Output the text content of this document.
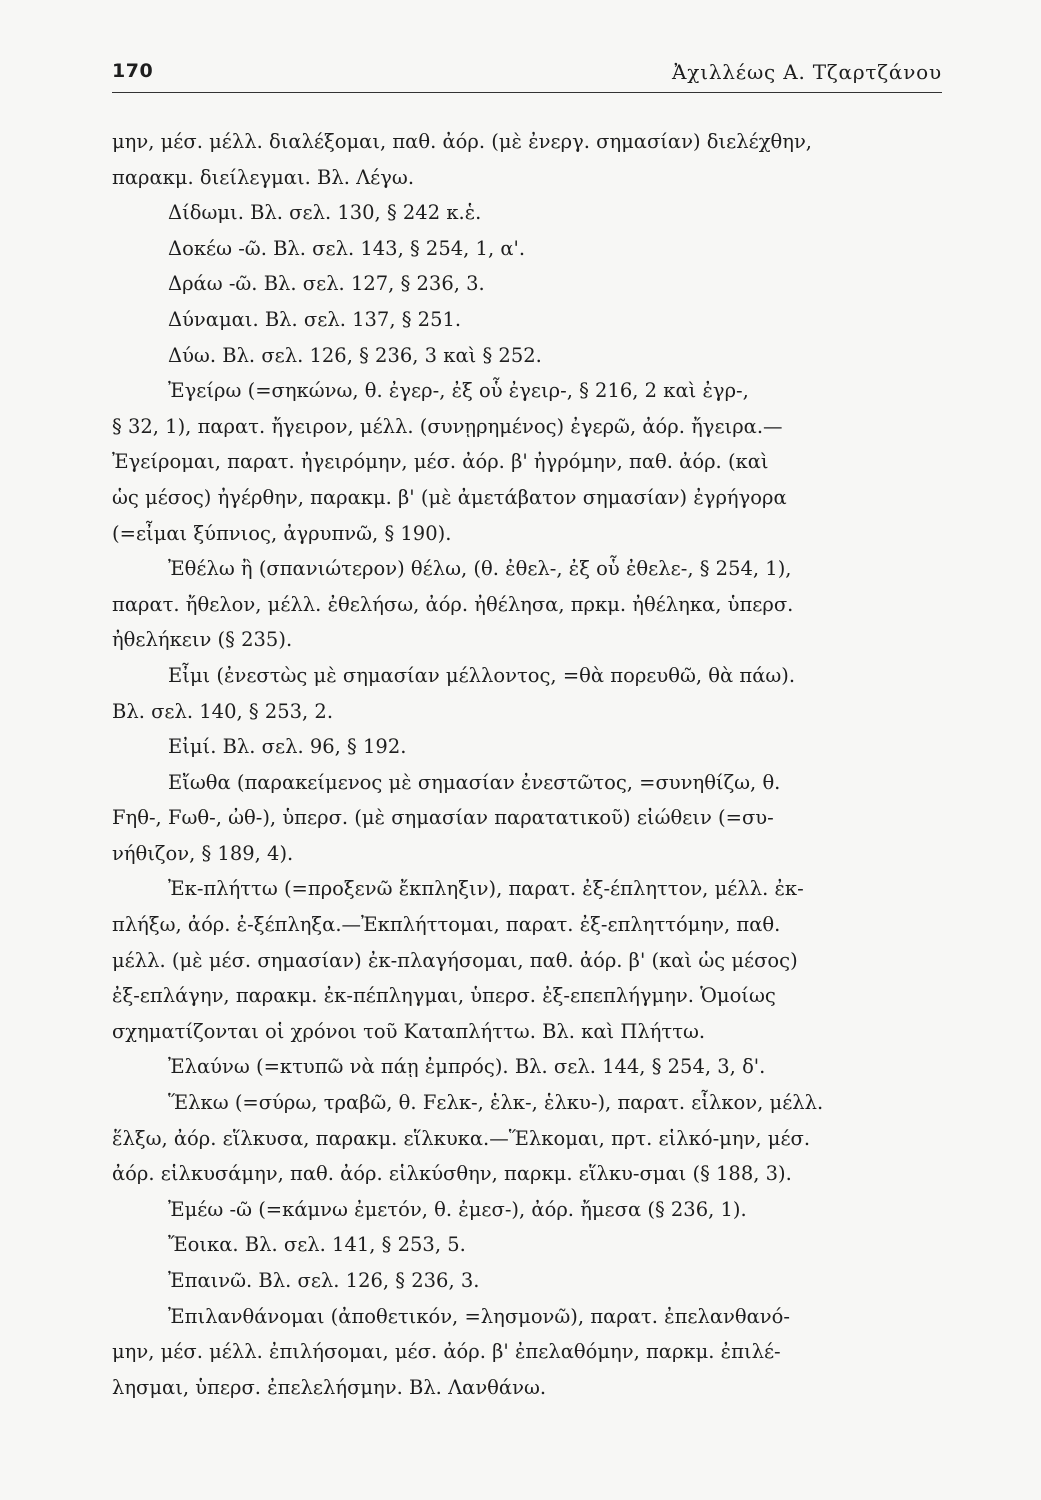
170	Ἀχιλλέως Α. Τζαρτζάνου
μην, μέσ. μέλλ. διαλέξομαι, παθ. ἀόρ. (μὲ ἐνεργ. σημασίαν) διελέχθην,
παρακμ. διείλεγμαι. Βλ. Λέγω.
Δίδωμι. Βλ. σελ. 130, § 242 κ.ἑ.
Δοκέω -ῶ. Βλ. σελ. 143, § 254, 1, α'.
Δράω -ῶ. Βλ. σελ. 127, § 236, 3.
Δύναμαι. Βλ. σελ. 137, § 251.
Δύω. Βλ. σελ. 126, § 236, 3 καὶ § 252.
Ἐγείρω (=σηκώνω, θ. ἐγερ-, ἐξ οὗ ἐγειρ-, § 216, 2 καὶ ἐγρ-,
§ 32, 1), παρατ. ἤγειρον, μέλλ. (συνῃρημένος) ἐγερῶ, ἀόρ. ἤγειρα.—
Ἐγείρομαι, παρατ. ἠγειρόμην, μέσ. ἀόρ. β' ἠγρόμην, παθ. ἀόρ. (καὶ
ὡς μέσος) ἠγέρθην, παρακμ. β' (μὲ ἀμετάβατον σημασίαν) ἐγρήγορα
(=εἶμαι ξύπνιος, ἀγρυπνῶ, § 190).
Ἐθέλω ἢ (σπανιώτερον) θέλω, (θ. ἐθελ-, ἐξ οὗ ἐθελε-, § 254, 1),
παρατ. ἤθελον, μέλλ. ἐθελήσω, ἀόρ. ἠθέλησα, πρκμ. ἠθέληκα, ὑπερσ.
ἠθελήκειν (§ 235).
Εἶμι (ἐνεστὼς μὲ σημασίαν μέλλοντος, =θὰ πορευθῶ, θὰ πάω).
Βλ. σελ. 140, § 253, 2.
Εἰμί. Βλ. σελ. 96, § 192.
Εἴωθα (παρακείμενος μὲ σημασίαν ἐνεστῶτος, =συνηθίζω, θ.
Fηθ-, Fωθ-, ὠθ-), ὑπερσ. (μὲ σημασίαν παρατατικοῦ) εἰώθειν (=συ-
νήθιζον, § 189, 4).
Ἐκ-πλήττω (=προξενῶ ἔκπληξιν), παρατ. ἐξ-έπληττον, μέλλ. ἐκ-
πλήξω, ἀόρ. ἐ-ξέπληξα.—Ἐκπλήττομαι, παρατ. ἐξ-επληττόμην, παθ.
μέλλ. (μὲ μέσ. σημασίαν) ἐκ-πλαγήσομαι, παθ. ἀόρ. β' (καὶ ὡς μέσος)
ἐξ-επλάγην, παρακμ. ἐκ-πέπληγμαι, ὑπερσ. ἐξ-επεπλήγμην. Ὁμοίως
σχηματίζονται οἱ χρόνοι τοῦ Καταπλήττω. Βλ. καὶ Πλήττω.
Ἐλαύνω (=κτυπῶ νὰ πάῃ ἐμπρός). Βλ. σελ. 144, § 254, 3, δ'.
Ἕλκω (=σύρω, τραβῶ, θ. Fελκ-, ἑλκ-, ἑλκυ-), παρατ. εἷλκον, μέλλ.
ἕλξω, ἀόρ. εἵλκυσα, παρακμ. εἵλκυκα.—Ἕλκομαι, πρτ. εἱλκό-μην, μέσ.
ἀόρ. εἱλκυσάμην, παθ. ἀόρ. εἱλκύσθην, παρκμ. εἵλκυ-σμαι (§ 188, 3).
Ἐμέω -ῶ (=κάμνω ἐμετόν, θ. ἐμεσ-), ἀόρ. ἤμεσα (§ 236, 1).
Ἔοικα. Βλ. σελ. 141, § 253, 5.
Ἐπαινῶ. Βλ. σελ. 126, § 236, 3.
Ἐπιλανθάνομαι (ἀποθετικόν, =λησμονῶ), παρατ. ἐπελανθανό-
μην, μέσ. μέλλ. ἐπιλήσομαι, μέσ. ἀόρ. β' ἐπελαθόμην, παρκμ. ἐπιλέ-
λησμαι, ὑπερσ. ἐπελελήσμην. Βλ. Λανθάνω.
